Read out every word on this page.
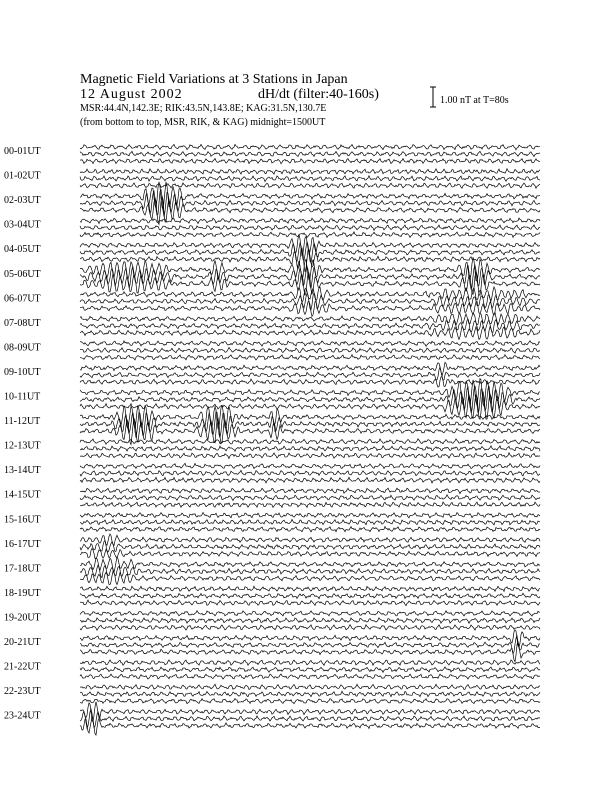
Magnetic Field Variations at 3 Stations in Japan
12 August 2002	dH/dt (filter:40-160s)
MSR:44.4N,142.3E; RIK:43.5N,143.8E; KAG:31.5N,130.7E
(from bottom to top, MSR, RIK, & KAG) midnight=1500UT
1.00 nT at T=80s
00-01UT
01-02UT
02-03UT
03-04UT
04-05UT
05-06UT
06-07UT
07-08UT
08-09UT
09-10UT
10-11UT
11-12UT
12-13UT
13-14UT
14-15UT
15-16UT
16-17UT
17-18UT
18-19UT
19-20UT
20-21UT
21-22UT
22-23UT
23-24UT
